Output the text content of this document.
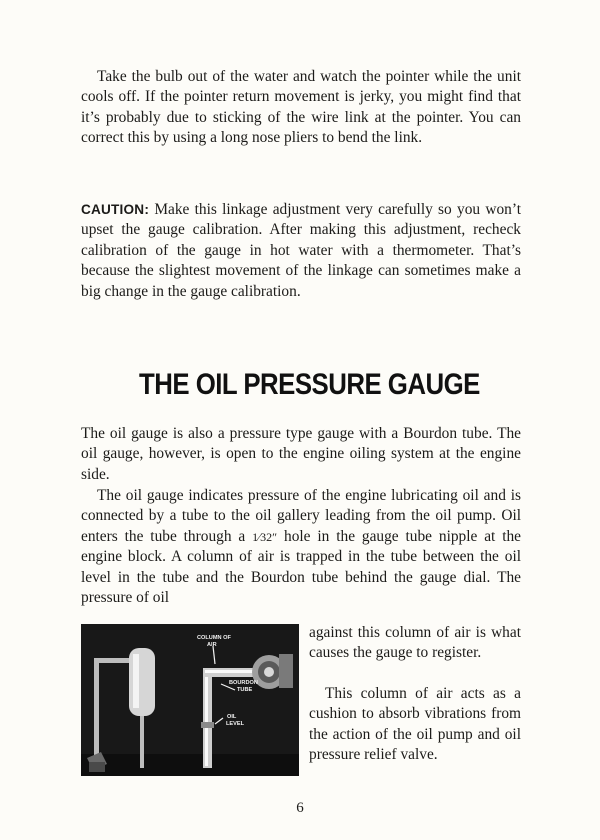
Take the bulb out of the water and watch the pointer while the unit cools off. If the pointer return movement is jerky, you might find that it’s probably due to sticking of the wire link at the pointer. You can correct this by using a long nose pliers to bend the link.

CAUTION: Make this linkage adjustment very carefully so you won’t upset the gauge calibration. After making this adjustment, recheck calibration of the gauge in hot water with a thermometer. That’s because the slightest movement of the linkage can sometimes make a big change in the gauge calibration.

THE OIL PRESSURE GAUGE

The oil gauge is also a pressure type gauge with a Bourdon tube. The oil gauge, however, is open to the engine oiling system at the engine side.

The oil gauge indicates pressure of the engine lubricating oil and is connected by a tube to the oil gallery leading from the oil pump. Oil enters the tube through a 1⁄32″ hole in the gauge tube nipple at the engine block. A column of air is trapped in the tube between the oil level in the tube and the Bourdon tube behind the gauge dial. The pressure of oil

COLUMN OF
AIR
BOURDON
TUBE
OIL
LEVEL

against this column of air is what causes the gauge to register.

This column of air acts as a cushion to absorb vibrations from the action of the oil pump and oil pressure relief valve.

6
